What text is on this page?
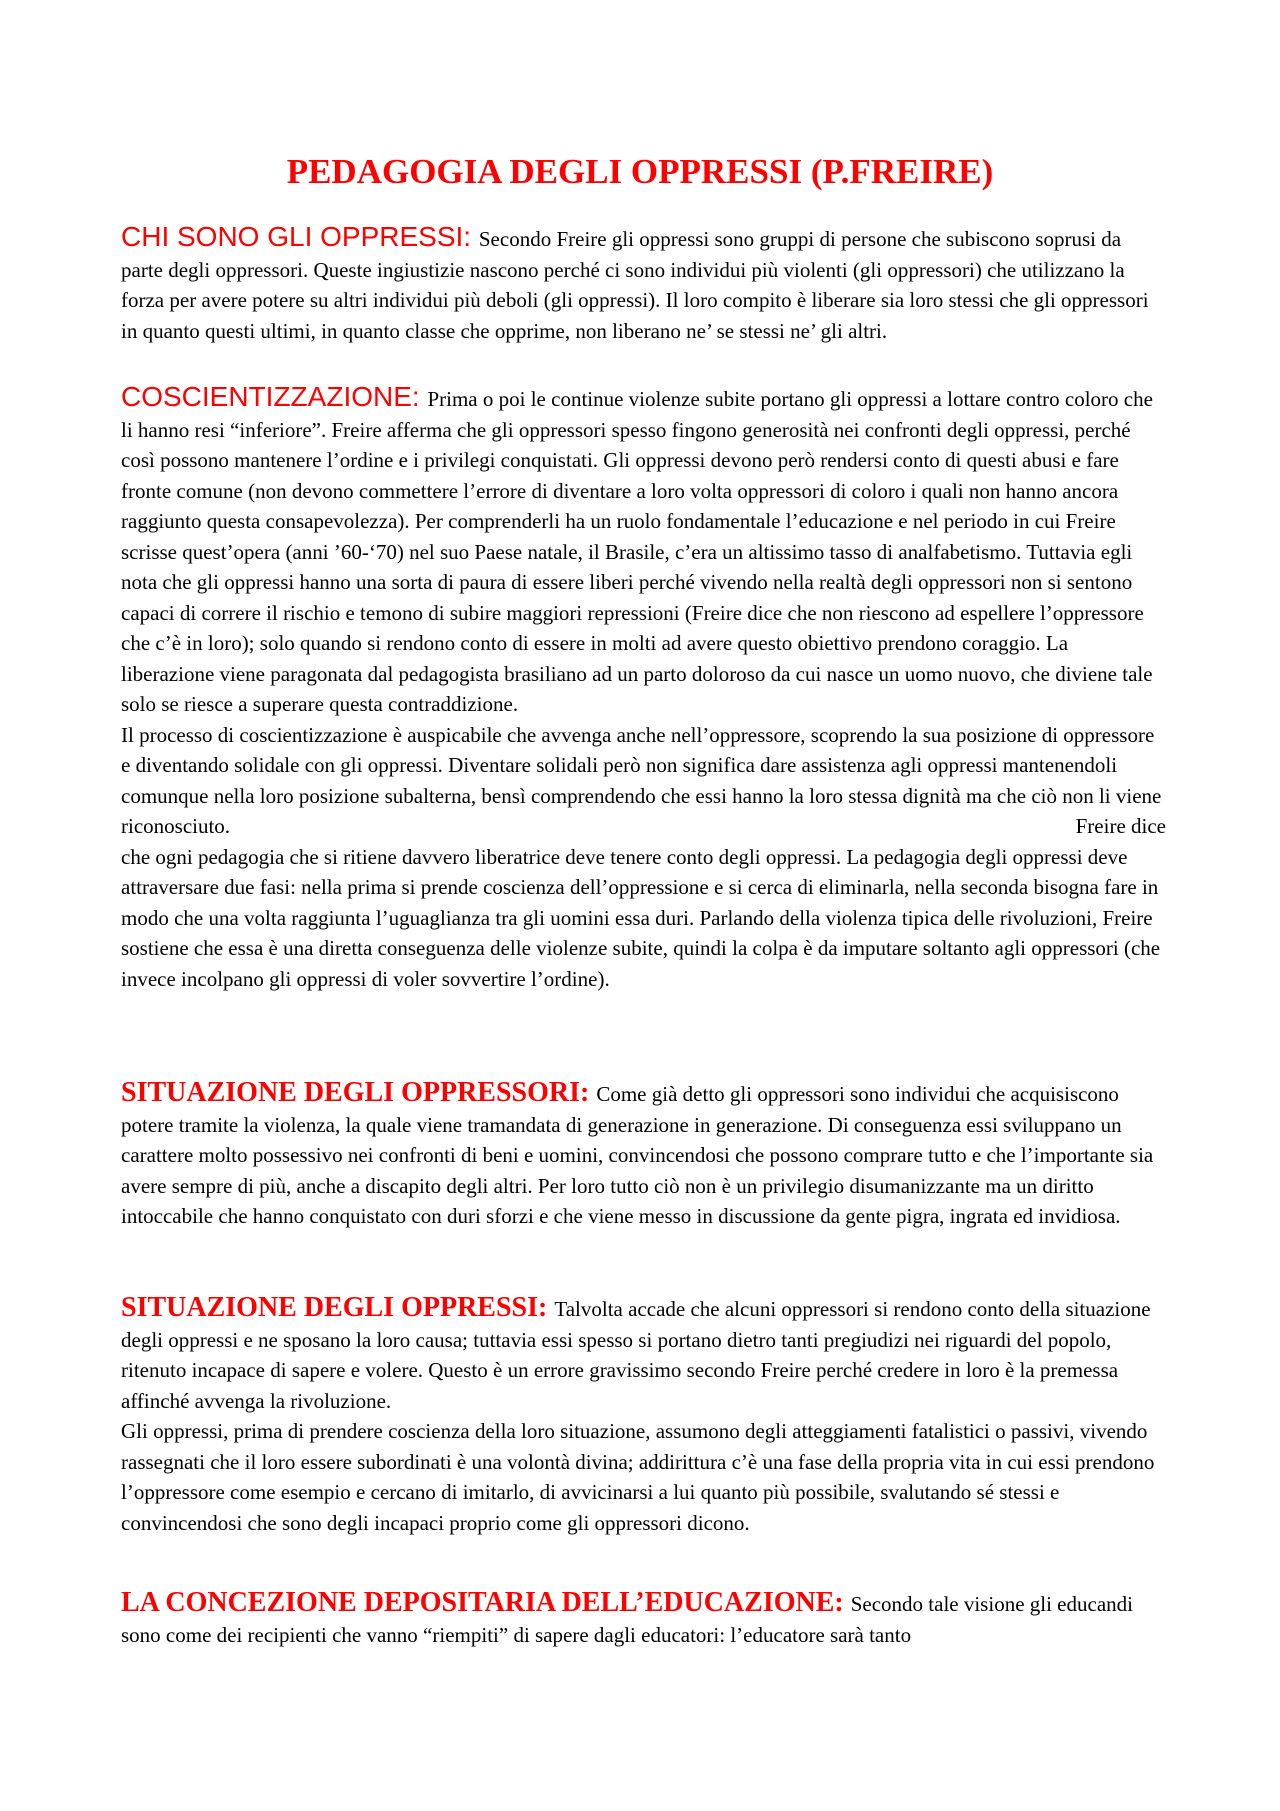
PEDAGOGIA DEGLI OPPRESSI (P.FREIRE)
CHI SONO GLI OPPRESSI: Secondo Freire gli oppressi sono gruppi di persone che subiscono soprusi da parte degli oppressori. Queste ingiustizie nascono perché ci sono individui più violenti (gli oppressori) che utilizzano la forza per avere potere su altri individui più deboli (gli oppressi). Il loro compito è liberare sia loro stessi che gli oppressori in quanto questi ultimi, in quanto classe che opprime, non liberano ne’ se stessi ne’ gli altri.
COSCIENTIZZAZIONE: Prima o poi le continue violenze subite portano gli oppressi a lottare contro coloro che li hanno resi “inferiore”. Freire afferma che gli oppressori spesso fingono generosità nei confronti degli oppressi, perché così possono mantenere l’ordine e i privilegi conquistati. Gli oppressi devono però rendersi conto di questi abusi e fare fronte comune (non devono commettere l’errore di diventare a loro volta oppressori di coloro i quali non hanno ancora raggiunto questa consapevolezza). Per comprenderli ha un ruolo fondamentale l’educazione e nel periodo in cui Freire scrisse quest’opera (anni ’60-‘70) nel suo Paese natale, il Brasile, c’era un altissimo tasso di analfabetismo. Tuttavia egli nota che gli oppressi hanno una sorta di paura di essere liberi perché vivendo nella realtà degli oppressori non si sentono capaci di correre il rischio e temono di subire maggiori repressioni (Freire dice che non riescono ad espellere l’oppressore che c’è in loro); solo quando si rendono conto di essere in molti ad avere questo obiettivo prendono coraggio. La liberazione viene paragonata dal pedagogista brasiliano ad un parto doloroso da cui nasce un uomo nuovo, che diviene tale solo se riesce a superare questa contraddizione.
Il processo di coscientizzazione è auspicabile che avvenga anche nell’oppressore, scoprendo la sua posizione di oppressore e diventando solidale con gli oppressi. Diventare solidali però non significa dare assistenza agli oppressi mantenendoli comunque nella loro posizione subalterna, bensì comprendendo che essi hanno la loro stessa dignità ma che ciò non li viene riconosciuto.	Freire dice
che ogni pedagogia che si ritiene davvero liberatrice deve tenere conto degli oppressi. La pedagogia degli oppressi deve attraversare due fasi: nella prima si prende coscienza dell’oppressione e si cerca di eliminarla, nella seconda bisogna fare in modo che una volta raggiunta l’uguaglianza tra gli uomini essa duri. Parlando della violenza tipica delle rivoluzioni, Freire sostiene che essa è una diretta conseguenza delle violenze subite, quindi la colpa è da imputare soltanto agli oppressori (che invece incolpano gli oppressi di voler sovvertire l’ordine).
SITUAZIONE DEGLI OPPRESSORI: Come già detto gli oppressori sono individui che acquisiscono potere tramite la violenza, la quale viene tramandata di generazione in generazione. Di conseguenza essi sviluppano un carattere molto possessivo nei confronti di beni e uomini, convincendosi che possono comprare tutto e che l’importante sia avere sempre di più, anche a discapito degli altri. Per loro tutto ciò non è un privilegio disumanizzante ma un diritto intoccabile che hanno conquistato con duri sforzi e che viene messo in discussione da gente pigra, ingrata ed invidiosa.
SITUAZIONE DEGLI OPPRESSI: Talvolta accade che alcuni oppressori si rendono conto della situazione degli oppressi e ne sposano la loro causa; tuttavia essi spesso si portano dietro tanti pregiudizi nei riguardi del popolo, ritenuto incapace di sapere e volere. Questo è un errore gravissimo secondo Freire perché credere in loro è la premessa affinché avvenga la rivoluzione.
Gli oppressi, prima di prendere coscienza della loro situazione, assumono degli atteggiamenti fatalistici o passivi, vivendo rassegnati che il loro essere subordinati è una volontà divina; addirittura c’è una fase della propria vita in cui essi prendono l’oppressore come esempio e cercano di imitarlo, di avvicinarsi a lui quanto più possibile, svalutando sé stessi e convincendosi che sono degli incapaci proprio come gli oppressori dicono.
LA CONCEZIONE DEPOSITARIA DELL’EDUCAZIONE: Secondo tale visione gli educandi sono come dei recipienti che vanno “riempiti” di sapere dagli educatori: l’educatore sarà tanto
